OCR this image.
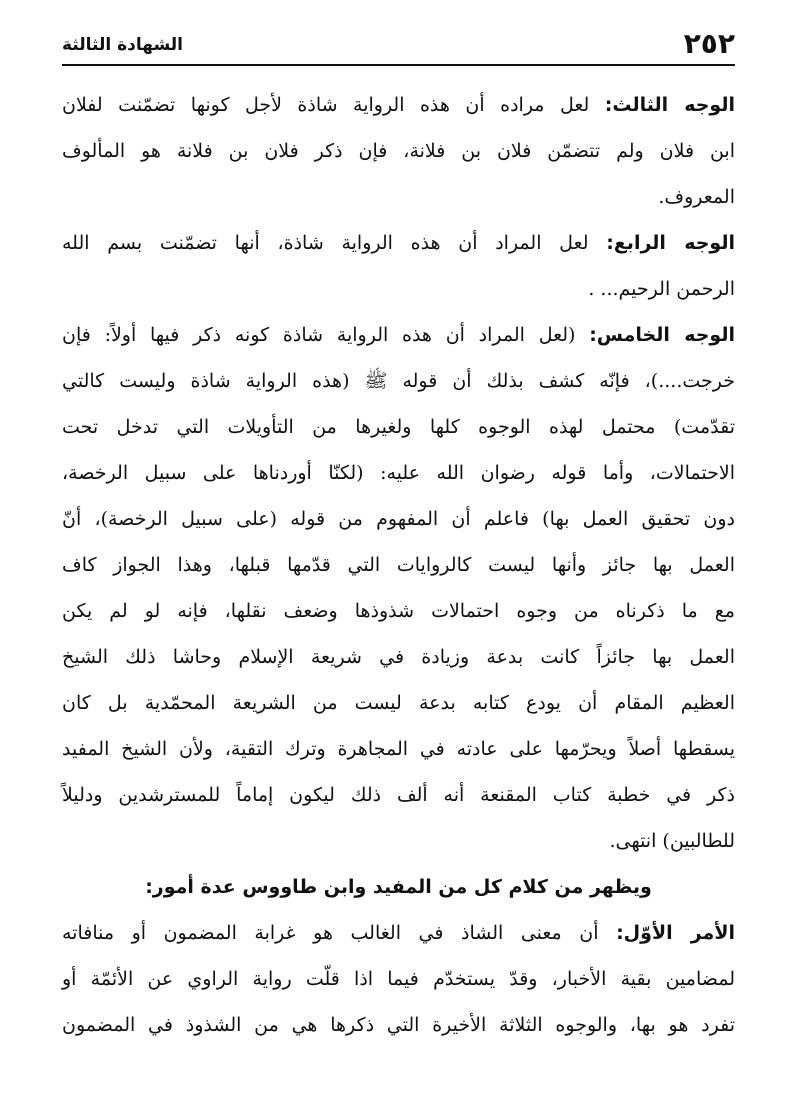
٢٥٢
الشهادة الثالثة
الوجه الثالث: لعل مراده أن هذه الرواية شاذة لأجل كونها تضمّنت لفلان
ابن فلان ولم تتضمّن فلان بن فلانة، فإن ذكر فلان بن فلانة هو المألوف
المعروف.
الوجه الرابع: لعل المراد أن هذه الرواية شاذة، أنها تضمّنت بسم الله
الرحمن الرحيم... .
الوجه الخامس: (لعل المراد أن هذه الرواية شاذة كونه ذكر فيها أولاً: فإن
خرجت....)، فإنّه كشف بذلك أن قوله ﷺ (هذه الرواية شاذة وليست كالتي
تقدّمت) محتمل لهذه الوجوه كلها ولغيرها من التأويلات التي تدخل تحت
الاحتمالات، وأما قوله رضوان الله عليه: (لكنّا أوردناها على سبيل الرخصة،
دون تحقيق العمل بها) فاعلم أن المفهوم من قوله (على سبيل الرخصة)، أنّ
العمل بها جائز وأنها ليست كالروايات التي قدّمها قبلها، وهذا الجواز كاف
مع ما ذكرناه من وجوه احتمالات شذوذها وضعف نقلها، فإنه لو لم يكن
العمل بها جائزاً كانت بدعة وزيادة في شريعة الإسلام وحاشا ذلك الشيخ
العظيم المقام أن يودع كتابه بدعة ليست من الشريعة المحمّدية بل كان
يسقطها أصلاً ويحرّمها على عادته في المجاهرة وترك التقية، ولأن الشيخ المفيد
ذكر في خطبة كتاب المقنعة أنه ألف ذلك ليكون إماماً للمسترشدين ودليلاً
للطالبين) انتهى.
ويظهر من كلام كل من المفيد وابن طاووس عدة أمور:
الأمر الأوّل: أن معنى الشاذ في الغالب هو غرابة المضمون أو منافاته
لمضامين بقية الأخبار، وقدّ يستخدّم فيما اذا قلّت رواية الراوي عن الأئمّة أو
تفرد هو بها، والوجوه الثلاثة الأخيرة التي ذكرها هي من الشذوذ في المضمون
